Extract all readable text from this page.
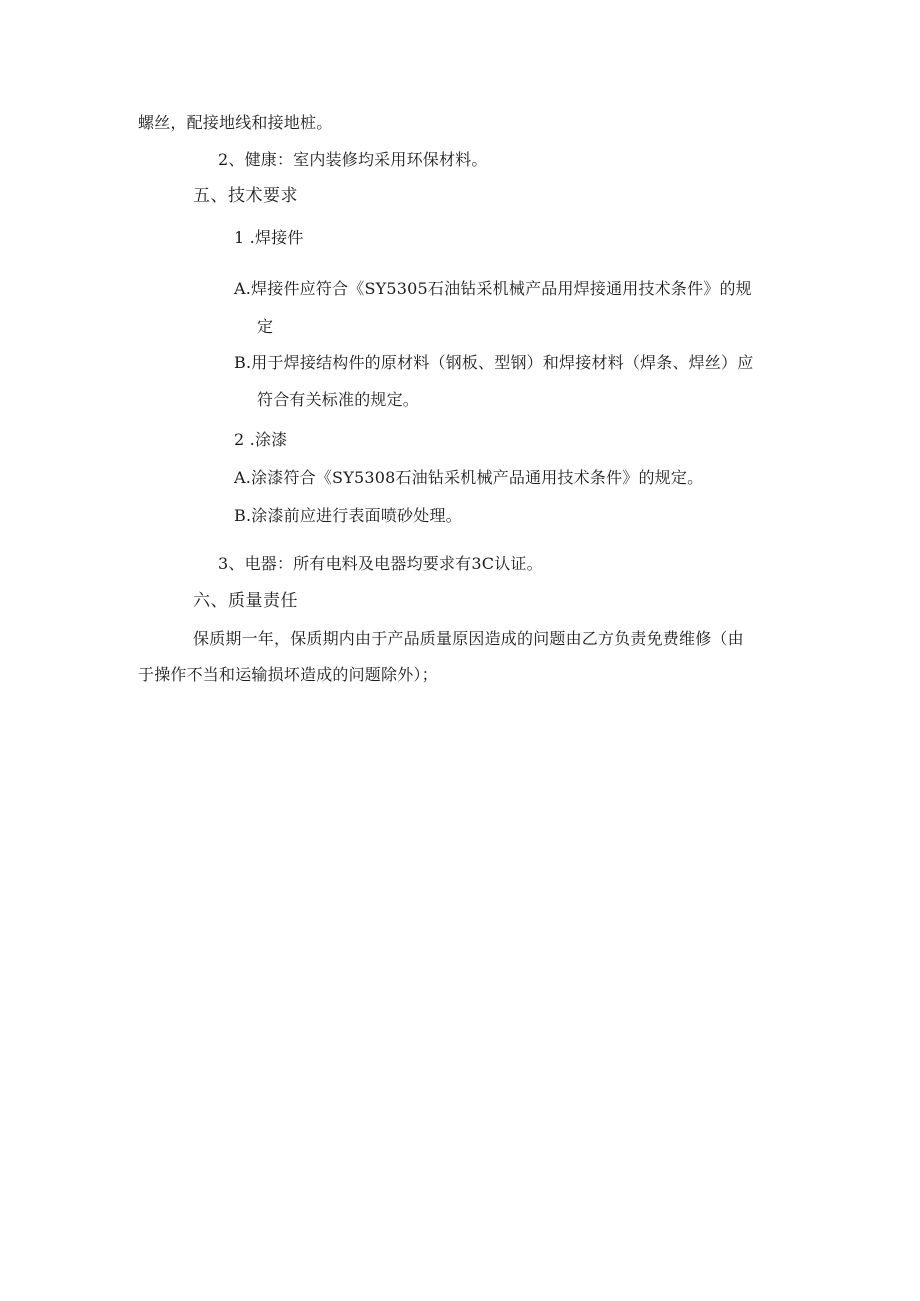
螺丝，配接地线和接地桩。
2、健康：室内装修均采用环保材料。
五、技术要求
1 .焊接件
A.焊接件应符合《SY5305石油钻采机械产品用焊接通用技术条件》的规
定
B.用于焊接结构件的原材料（钢板、型钢）和焊接材料（焊条、焊丝）应
符合有关标准的规定。
2 .涂漆
A.涂漆符合《SY5308石油钻采机械产品通用技术条件》的规定。
B.涂漆前应进行表面喷砂处理。
3、电器：所有电料及电器均要求有3C认证。
六、质量责任
保质期一年，保质期内由于产品质量原因造成的问题由乙方负责免费维修（由
于操作不当和运输损坏造成的问题除外）；
